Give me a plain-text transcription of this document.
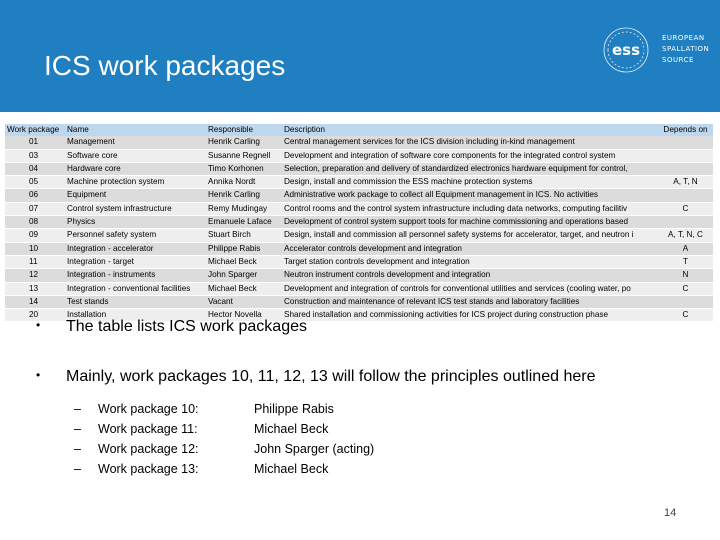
ICS work packages	ess
EUROPEAN
SPALLATION
SOURCE
Work package	Name	Responsible	Description	Depends on
01	Management	Henrik Carling	Central management services for the ICS division including in-kind management	
03	Software core	Susanne Regnell	Development and integration of software core components for the integrated control system	
04	Hardware core	Timo Korhonen	Selection, preparation and delivery of standardized electronics hardware equipment for control,	
05	Machine protection system	Annika Nordt	Design, install and commission the ESS machine protection systems	A, T, N
06	Equipment	Henrik Carling	Administrative work package to collect all Equipment management in ICS. No activities	
07	Control system infrastructure	Remy Mudingay	Control rooms and the control system infrastructure including data networks, computing facilitiv	C
08	Physics	Emanuele Laface	Development of control system support tools for machine commissioning and operations based	
09	Personnel safety system	Stuart Birch	Design, install and commission all personnel safety systems for accelerator, target, and neutron i	A, T, N, C
10	Integration - accelerator	Philippe Rabis	Accelerator controls development and integration	A
11	Integration - target	Michael Beck	Target station controls development and integration	T
12	Integration - instruments	John Sparger	Neutron instrument controls development and integration	N
13	Integration - conventional facilities	Michael Beck	Development and integration of controls for conventional utilities and services (cooling water, po	C
14	Test stands	Vacant	Construction and maintenance of relevant ICS test stands and laboratory facilities	
20	Installation	Hector Novella	Shared installation and commissioning activities for ICS project during construction phase	C
• The table lists ICS work packages
• Mainly, work packages 10, 11, 12, 13 will follow the principles outlined here
– Work package 10:	Philippe Rabis
– Work package 11:	Michael Beck
– Work package 12:	John Sparger (acting)
– Work package 13:	Michael Beck
14
